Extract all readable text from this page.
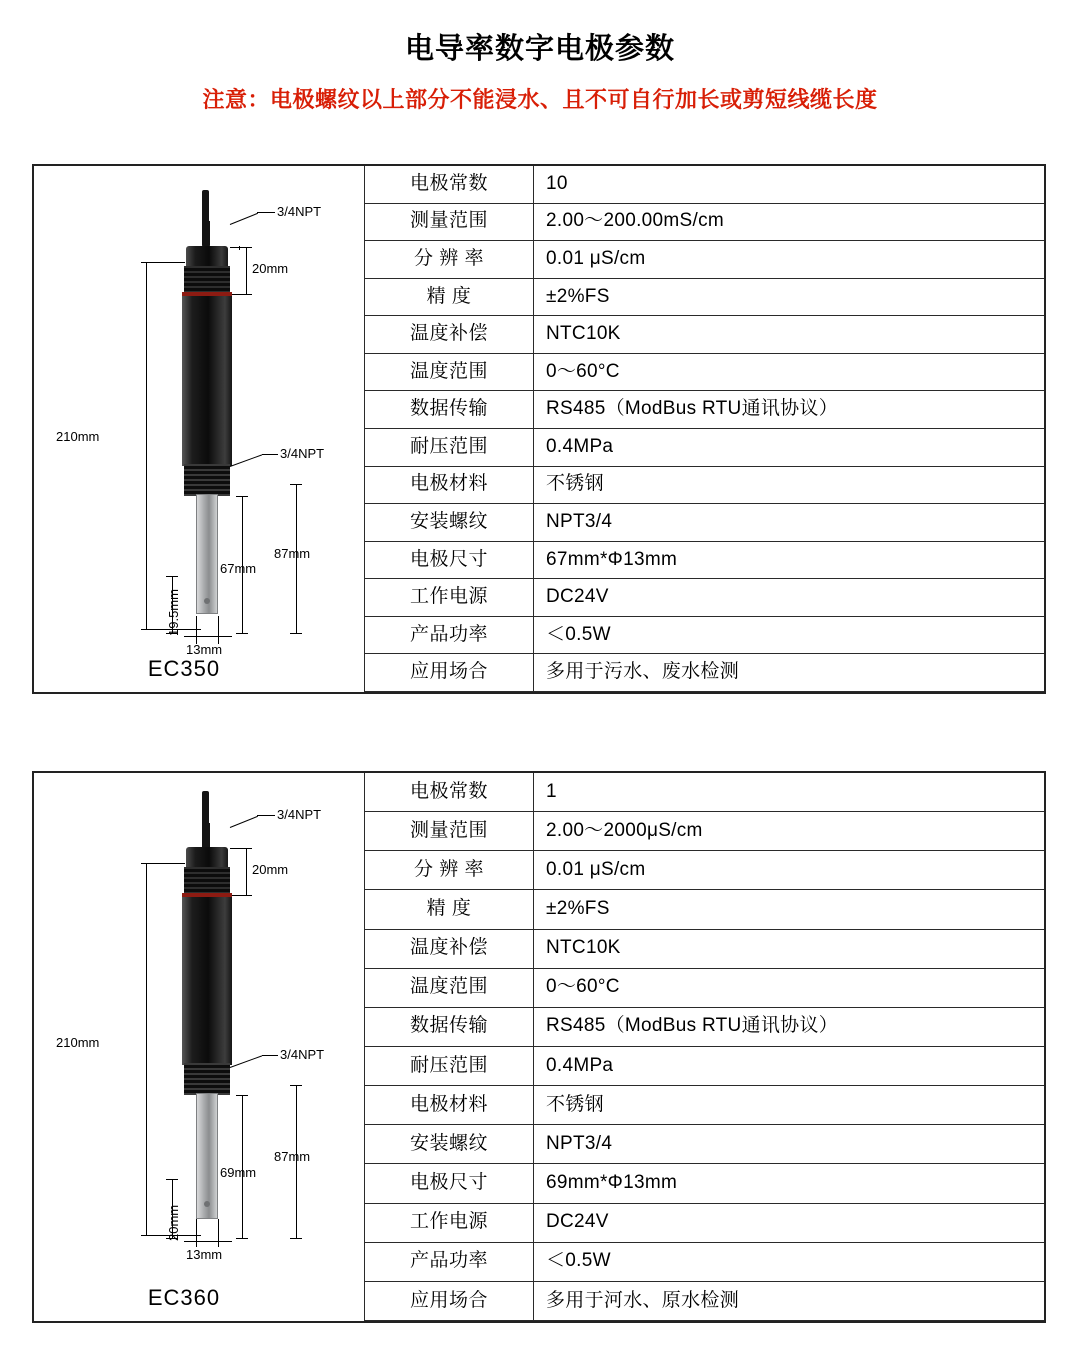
电导率数字电极参数
注意：电极螺纹以上部分不能浸水、且不可自行加长或剪短线缆长度
3/4NPT
20mm
210mm
3/4NPT
87mm
67mm
19.5mm
13mm
EC350
电极常数	10
测量范围	2.00～200.00mS/cm
分 辨 率	0.01 μS/cm
精 度	±2%FS
温度补偿	NTC10K
温度范围	0～60°C
数据传输	RS485（ModBus RTU通讯协议）
耐压范围	0.4MPa
电极材料	不锈钢
安装螺纹	NPT3/4
电极尺寸	67mm*Φ13mm
工作电源	DC24V
产品功率	＜0.5W
应用场合	多用于污水、废水检测
3/4NPT
20mm
210mm
3/4NPT
87mm
69mm
20mm
13mm
EC360
电极常数	1
测量范围	2.00～2000μS/cm
分 辨 率	0.01 μS/cm
精 度	±2%FS
温度补偿	NTC10K
温度范围	0～60°C
数据传输	RS485（ModBus RTU通讯协议）
耐压范围	0.4MPa
电极材料	不锈钢
安装螺纹	NPT3/4
电极尺寸	69mm*Φ13mm
工作电源	DC24V
产品功率	＜0.5W
应用场合	多用于河水、原水检测
